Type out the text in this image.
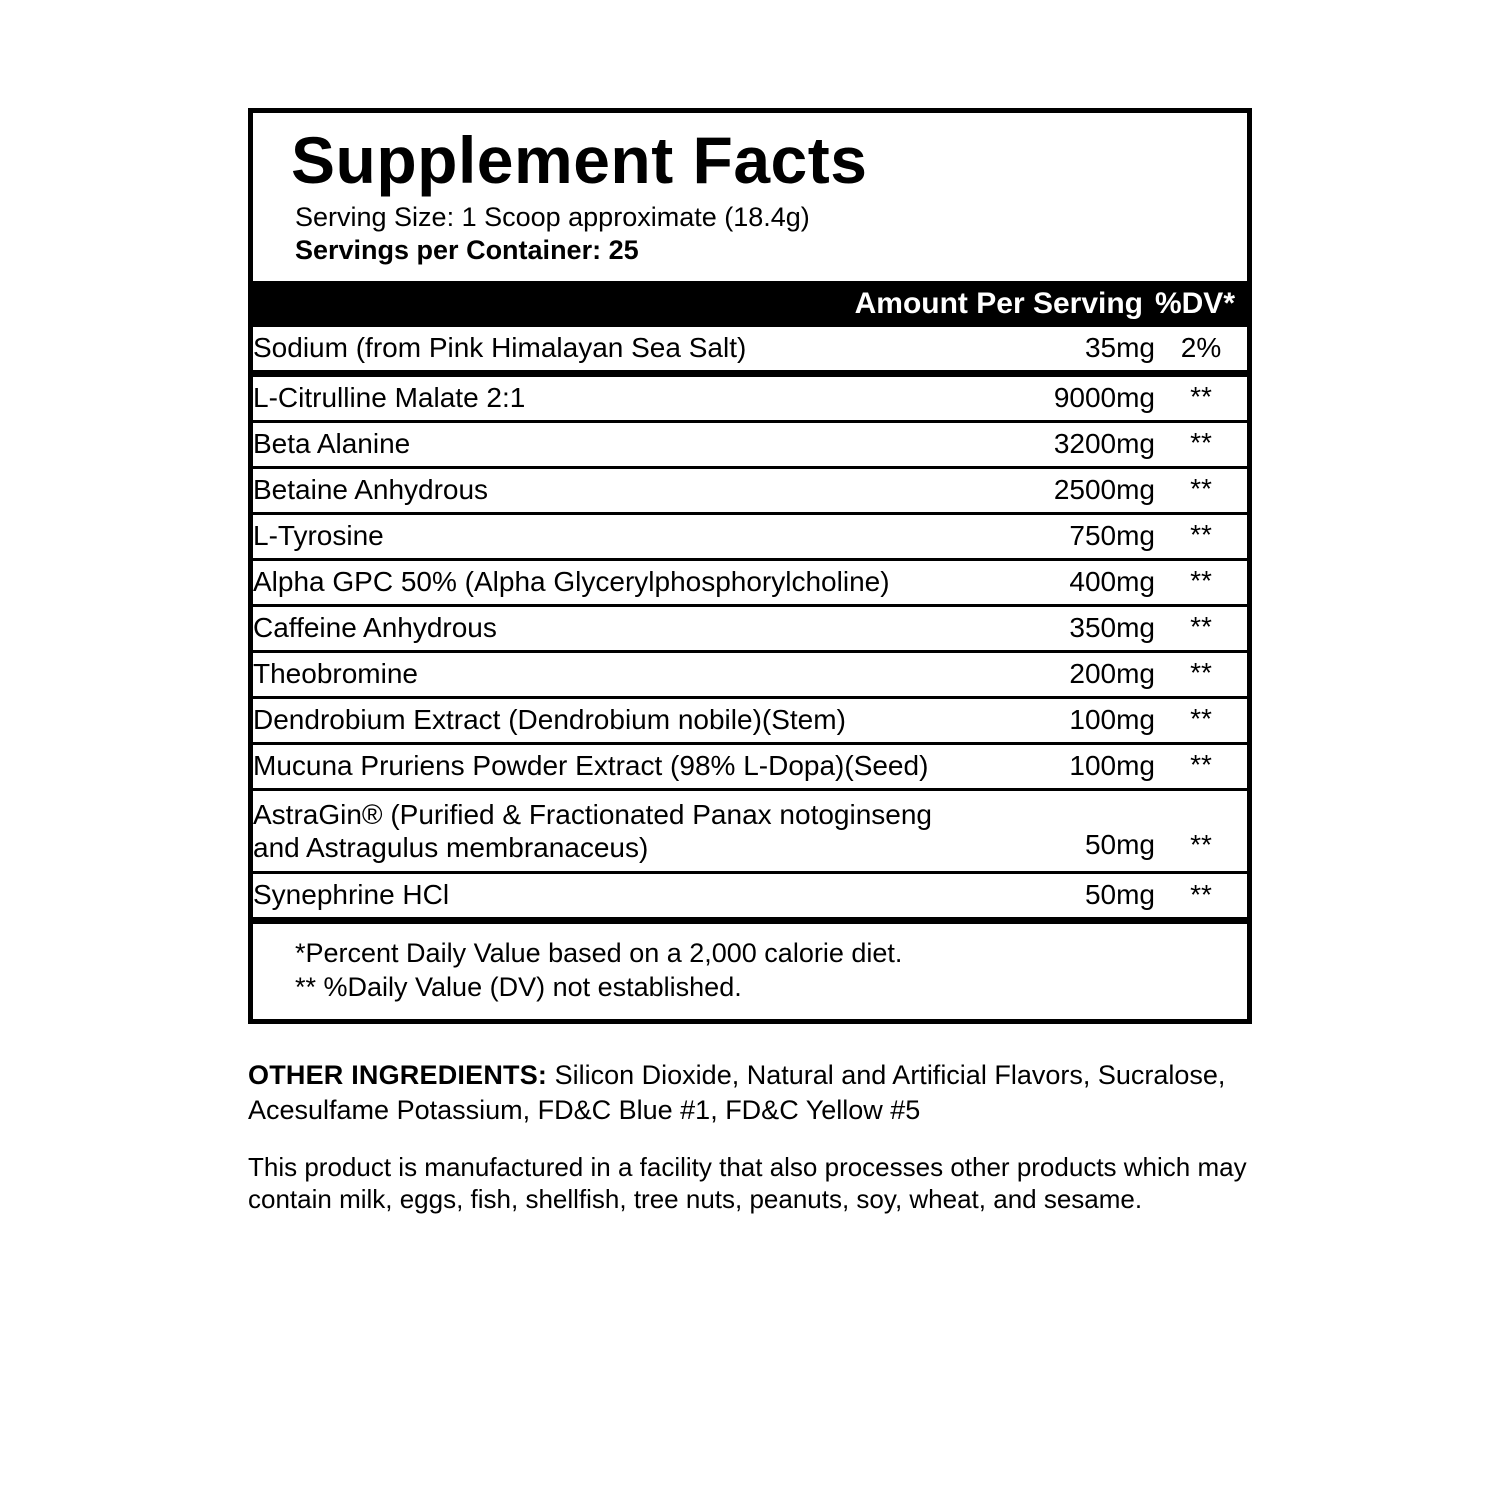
Supplement Facts
Serving Size: 1 Scoop approximate (18.4g)
Servings per Container: 25
Amount Per Serving %DV*
Sodium (from Pink Himalayan Sea Salt)	35mg	2%
L-Citrulline Malate 2:1	9000mg	**
Beta Alanine	3200mg	**
Betaine Anhydrous	2500mg	**
L-Tyrosine	750mg	**
Alpha GPC 50% (Alpha Glycerylphosphorylcholine)	400mg	**
Caffeine Anhydrous	350mg	**
Theobromine	200mg	**
Dendrobium Extract (Dendrobium nobile)(Stem)	100mg	**
Mucuna Pruriens Powder Extract (98% L-Dopa)(Seed)	100mg	**
AstraGin® (Purified & Fractionated Panax notoginseng and Astragulus membranaceus)	50mg	**
Synephrine HCl	50mg	**
*Percent Daily Value based on a 2,000 calorie diet.
** %Daily Value (DV) not established.
OTHER INGREDIENTS: Silicon Dioxide, Natural and Artificial Flavors, Sucralose, Acesulfame Potassium, FD&C Blue #1, FD&C Yellow #5
This product is manufactured in a facility that also processes other products which may contain milk, eggs, fish, shellfish, tree nuts, peanuts, soy, wheat, and sesame.
